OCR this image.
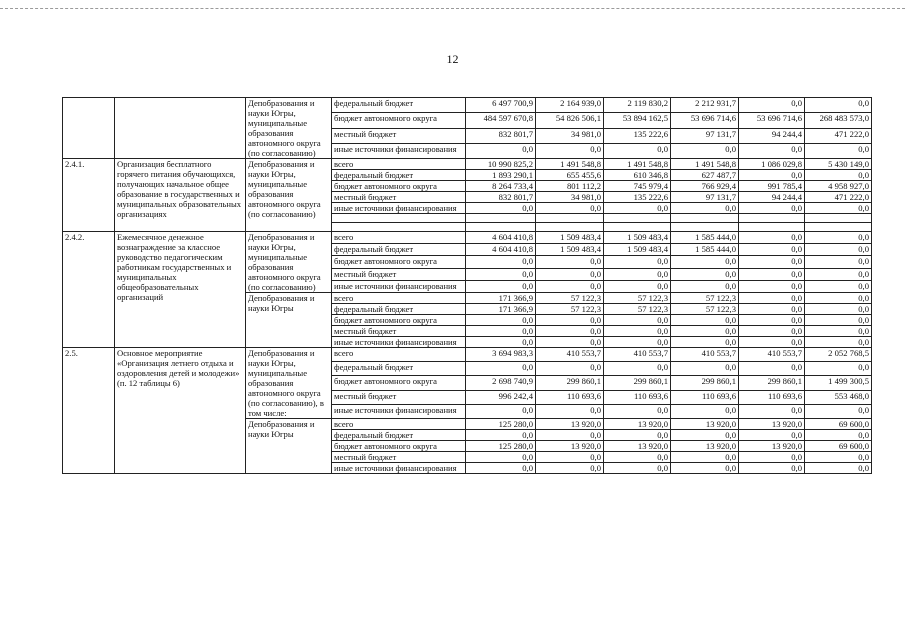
12
		Депобразования и науки Югры, муниципальные образования автономного округа (по согласованию)	федеральный бюджет	6 497 700,9	2 164 939,0	2 119 830,2	2 212 931,7	0,0	0,0
			бюджет автономного округа	484 597 670,8	54 826 506,1	53 894 162,5	53 696 714,6	53 696 714,6	268 483 573,0
			местный бюджет	832 801,7	34 981,0	135 222,6	97 131,7	94 244,4	471 222,0
			иные источники финансирования	0,0	0,0	0,0	0,0	0,0	0,0
2.4.1.	Организация бесплатного горячего питания обучающихся, получающих начальное общее образование в государственных и муниципальных образовательных организациях	Депобразования и науки Югры, муниципальные образования автономного округа (по согласованию)	всего	10 990 825,2	1 491 548,8	1 491 548,8	1 491 548,8	1 086 029,8	5 430 149,0
			федеральный бюджет	1 893 290,1	655 455,6	610 346,8	627 487,7	0,0	0,0
			бюджет автономного округа	8 264 733,4	801 112,2	745 979,4	766 929,4	991 785,4	4 958 927,0
			местный бюджет	832 801,7	34 981,0	135 222,6	97 131,7	94 244,4	471 222,0
			иные источники финансирования	0,0	0,0	0,0	0,0	0,0	0,0

2.4.2.	Ежемесячное денежное вознаграждение за классное руководство педагогическим работникам государственных и муниципальных общеобразовательных организаций	Депобразования и науки Югры, муниципальные образования автономного округа (по согласованию)	всего	4 604 410,8	1 509 483,4	1 509 483,4	1 585 444,0	0,0	0,0
			федеральный бюджет	4 604 410,8	1 509 483,4	1 509 483,4	1 585 444,0	0,0	0,0
			бюджет автономного округа	0,0	0,0	0,0	0,0	0,0	0,0
			местный бюджет	0,0	0,0	0,0	0,0	0,0	0,0
			иные источники финансирования	0,0	0,0	0,0	0,0	0,0	0,0
		Депобразования и науки Югры	всего	171 366,9	57 122,3	57 122,3	57 122,3	0,0	0,0
			федеральный бюджет	171 366,9	57 122,3	57 122,3	57 122,3	0,0	0,0
			бюджет автономного округа	0,0	0,0	0,0	0,0	0,0	0,0
			местный бюджет	0,0	0,0	0,0	0,0	0,0	0,0
			иные источники финансирования	0,0	0,0	0,0	0,0	0,0	0,0
2.5.	Основное мероприятие «Организация летнего отдыха и оздоровления детей и молодежи» (п. 12 таблицы 6)	Депобразования и науки Югры, муниципальные образования автономного округа (по согласованию), в том числе:	всего	3 694 983,3	410 553,7	410 553,7	410 553,7	410 553,7	2 052 768,5
			федеральный бюджет	0,0	0,0	0,0	0,0	0,0	0,0
			бюджет автономного округа	2 698 740,9	299 860,1	299 860,1	299 860,1	299 860,1	1 499 300,5
			местный бюджет	996 242,4	110 693,6	110 693,6	110 693,6	110 693,6	553 468,0
			иные источники финансирования	0,0	0,0	0,0	0,0	0,0	0,0
		Депобразования и науки Югры	всего	125 280,0	13 920,0	13 920,0	13 920,0	13 920,0	69 600,0
			федеральный бюджет	0,0	0,0	0,0	0,0	0,0	0,0
			бюджет автономного округа	125 280,0	13 920,0	13 920,0	13 920,0	13 920,0	69 600,0
			местный бюджет	0,0	0,0	0,0	0,0	0,0	0,0
			иные источники финансирования	0,0	0,0	0,0	0,0	0,0	0,0
